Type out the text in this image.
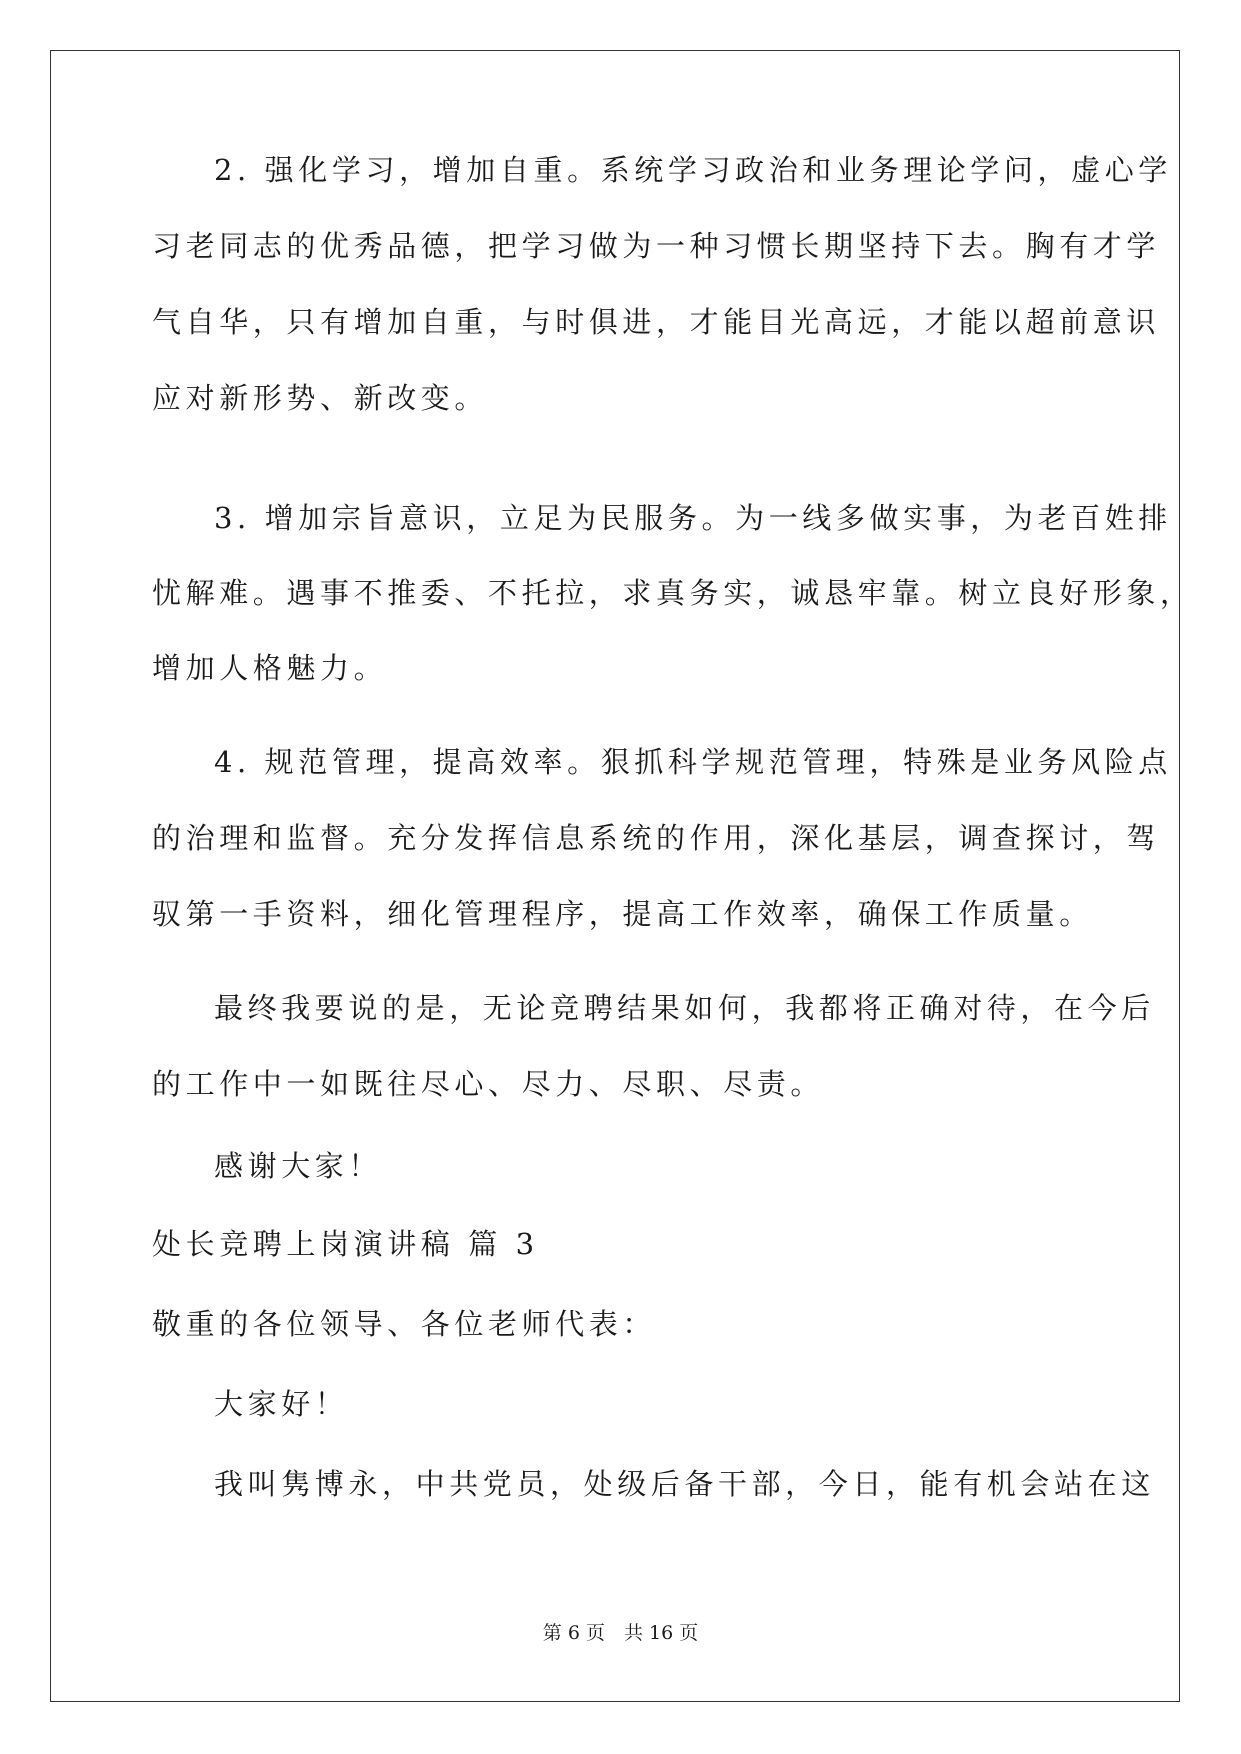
2. 强化学习，增加自重。系统学习政治和业务理论学问，虚心学
习老同志的优秀品德，把学习做为一种习惯长期坚持下去。胸有才学
气自华，只有增加自重，与时俱进，才能目光高远，才能以超前意识
应对新形势、新改变。
3. 增加宗旨意识，立足为民服务。为一线多做实事，为老百姓排
忧解难。遇事不推委、不托拉，求真务实，诚恳牢靠。树立良好形象，
增加人格魅力。
4. 规范管理，提高效率。狠抓科学规范管理，特殊是业务风险点
的治理和监督。充分发挥信息系统的作用，深化基层，调查探讨，驾
驭第一手资料，细化管理程序，提高工作效率，确保工作质量。
最终我要说的是，无论竞聘结果如何，我都将正确对待，在今后
的工作中一如既往尽心、尽力、尽职、尽责。
感谢大家！
处长竞聘上岗演讲稿 篇 3
敬重的各位领导、各位老师代表：
大家好！
我叫隽博永，中共党员，处级后备干部，今日，能有机会站在这
第 6 页　共 16 页
